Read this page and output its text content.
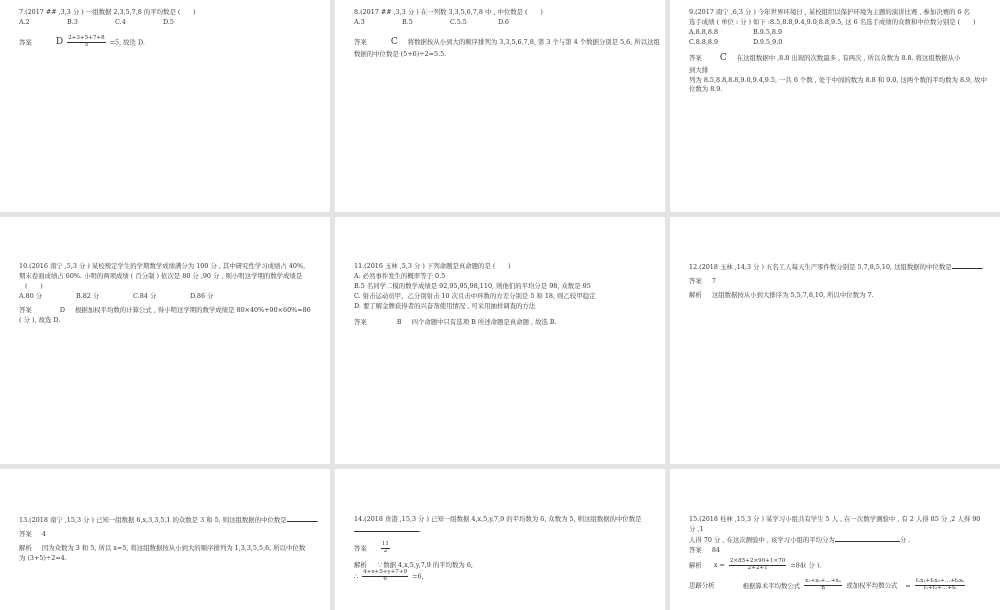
7.(2017 ## ,3,3 分 ) 一组数据 2,3,5,7,8 的平均数是 (　　)
A.2	B.3	C.4	D.5
答案	D $\frac{2+3+5+7+8}{5} =5$, 故选 D.
8.(2017 ## ,3,3 分 ) 在一列数 3,3,5,6,7,8 中 , 中位数是 (　　)
A.3	B.5	C.5.5	D.6
答案	C 将数据按从小到大的顺序排列为 3,3,5,6,7,8, 第 3 个与第 4 个数据分别是 5,6, 所以这组
数据的中位数是 (5+6)÷2=5.5.
9.(2017 南宁 ,6,3 分 ) 今年世界环境日 , 某校组织以保护环境为主题的演讲比赛 , 参加决赛的 6 名
选手成绩 ( 单位 : 分 ) 如下 :8.5,8.8,9.4,9.0,8.8,9.5, 这 6 名选手成绩的众数和中位数分别是 (　　)
A.8.8,8.8	B.9.5,8.9
C.8.8,8.9	D.9.5,9.0
答案 C 在这组数据中 ,8.8 出现的次数最多 , 有两次 , 所以众数为 8.8. 将这组数据从小
到大排
列为 8.5,8.8,8.8,9.0,9.4,9.5, 一共 6 个数 , 处于中间的数为 8.8 和 9.0, 这两个数的平均数为 8.9, 故中
位数为 8.9.
10.(2016 南宁 ,5,3 分 ) 某校规定学生的学期数学成绩满分为 100 分 , 其中研究性学习成绩占 40%,
期末卷面成绩占 60%. 小明的两项成绩 ( 百分制 ) 依次是 80 分 ,90 分 , 则小明这学期的数学成绩是
(　　)
A.80 分	B.82 分	C.84 分	D.86 分
答案	D 根据加权平均数的计算公式 , 得小明这学期的数学成绩是 80×40%+90×60%=86
( 分 ), 故选 D.
11.(2016 玉林 ,5,3 分 ) 下列命题是真命题的是 (　　)
A. 必然事件发生的概率等于 0.5
B.5 名同学二模的数学成绩是 92,95,95,98,110, 则他们的平均分是 98, 众数是 95
C. 射击运动员甲、乙分别射击 10 次且击中环数的方差分别是 5 和 18, 则乙较甲稳定
D. 要了解金牌获得者的兴奋剂使用情况 , 可采用抽样调查的方法
答案	B 四个命题中只有选项 B 所述命题是真命题 , 故选 B.
12.(2018 玉林 ,14,3 分 ) 五名工人每天生产零件数分别是 5,7,8,5,10, 这组数据的中位数是	.
答案 7
解析 这组数据按从小到大排序为 5,5,7,8,10, 所以中位数为 7.
13.(2018 南宁 ,15,3 分 ) 已知一组数据 6,x,3,3,5,1 的众数是 3 和 5, 则这组数据的中位数是	.
答案 4
解析 因为众数为 3 和 5, 所以 x=5, 将这组数据按从小到大的顺序排列为 1,3,3,5,5,6, 所以中位数
为 (3+5)÷2=4.
14.(2018 贵港 ,15,3 分 ) 已知一组数据 4,x,5,y,7,9 的平均数为 6, 众数为 5, 则这组数据的中位数是
.
答案	$\frac{11}{2}$
解析 ∵数据 4,x,5,y,7,9 的平均数为 6,
∴ $\frac{4+x+5+y+7+9}{6} =6$,
15.(2018 桂林 ,15,3 分 ) 某学习小组共有学生 5 人 , 在一次数学测验中 , 有 2 人得 85 分 ,2 人得 90
分 ,1
人得 70 分 , 在这次测验中 , 该学习小组的平均分为	分 .
答案 84
解析 $x = \frac{2\times 85+2\times 90+1\times 70}{2+2+1} =84$( 分 ).
思路分析	根据算术平均数公式 $\frac{\text{x₁+x₂+…+xₙ}}{n}$ 或加权平均数公式 = $\frac{\text{f₁x₁+f₂x₂+…+fₖxₖ}}{\text{f₁+f₂+…+fₖ}}$
